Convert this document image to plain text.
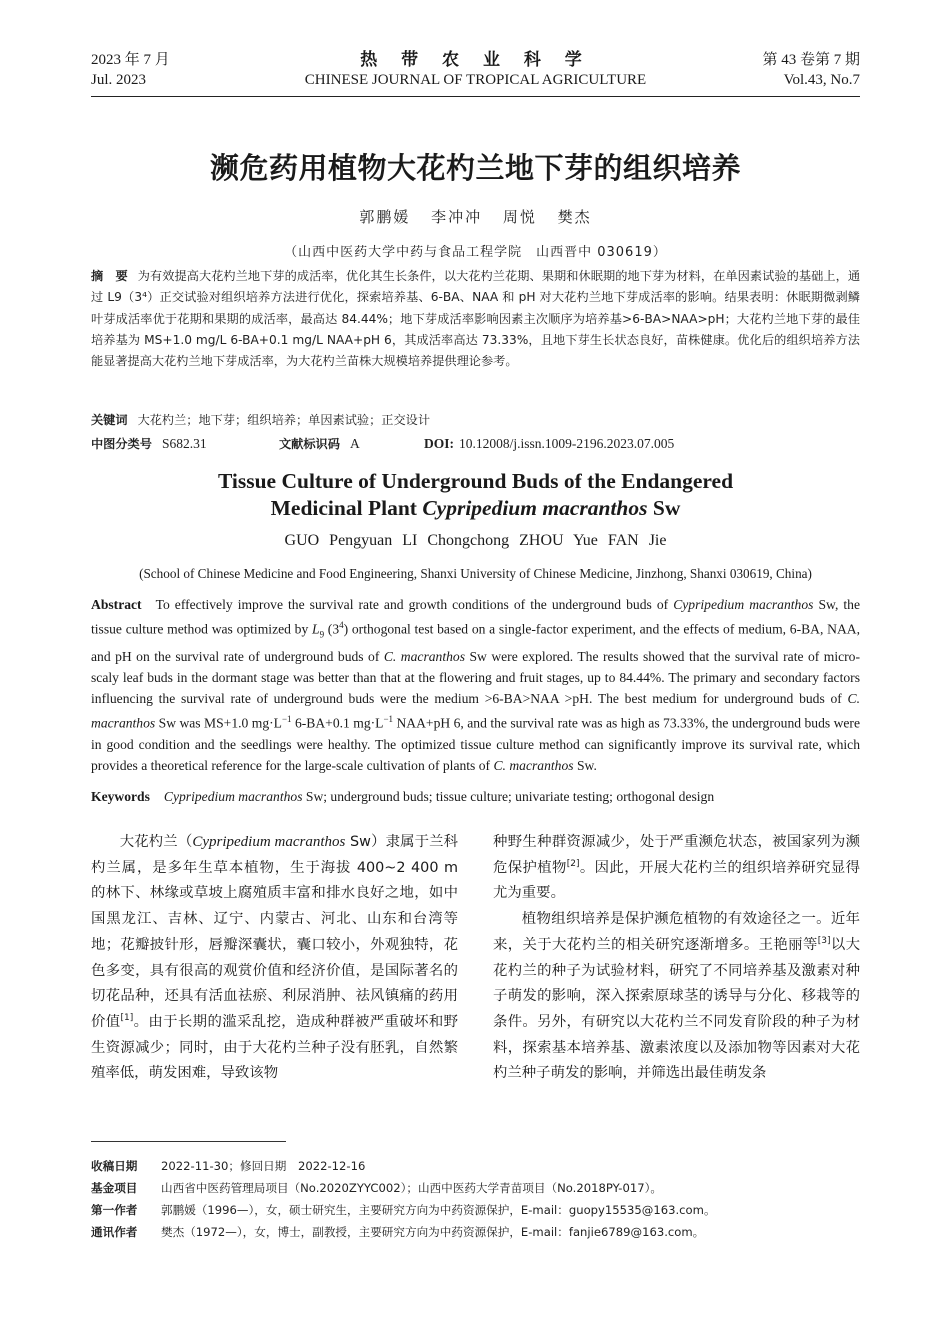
2023 年 7 月
Jul. 2023
热 带 农 业 科 学
CHINESE JOURNAL OF TROPICAL AGRICULTURE
第 43 卷第 7 期
Vol.43, No.7
濒危药用植物大花杓兰地下芽的组织培养
郭鹏媛 李冲冲 周悦 樊杰
（山西中医药大学中药与食品工程学院　山西晋中 030619）
摘　要 为有效提高大花杓兰地下芽的成活率，优化其生长条件，以大花杓兰花期、果期和休眠期的地下芽为材料，在单因素试验的基础上，通过 L9（3⁴）正交试验对组织培养方法进行优化，探索培养基、6-BA、NAA 和 pH 对大花杓兰地下芽成活率的影响。结果表明：休眠期微剥鳞叶芽成活率优于花期和果期的成活率，最高达 84.44%；地下芽成活率影响因素主次顺序为培养基>6-BA>NAA>pH；大花杓兰地下芽的最佳培养基为 MS+1.0 mg/L 6-BA+0.1 mg/L NAA+pH 6，其成活率高达 73.33%，且地下芽生长状态良好，苗株健康。优化后的组织培养方法能显著提高大花杓兰地下芽成活率，为大花杓兰苗株大规模培养提供理论参考。
关键词 大花杓兰；地下芽；组织培养；单因素试验；正交设计
中图分类号 S682.31	文献标识码 A	DOI: 10.12008/j.issn.1009-2196.2023.07.005
Tissue Culture of Underground Buds of the Endangered
Medicinal Plant Cypripedium macranthos Sw
GUO Pengyuan LI Chongchong ZHOU Yue FAN Jie
(School of Chinese Medicine and Food Engineering, Shanxi University of Chinese Medicine, Jinzhong, Shanxi 030619, China)
Abstract To effectively improve the survival rate and growth conditions of the underground buds of Cypripedium macranthos Sw, the tissue culture method was optimized by $L_9$ $(3^4)$ orthogonal test based on a single-factor experiment, and the effects of medium, 6-BA, NAA, and pH on the survival rate of underground buds of C. macranthos Sw were explored. The results showed that the survival rate of micro-scaly leaf buds in the dormant stage was better than that at the flowering and fruit stages, up to 84.44%. The primary and secondary factors influencing the survival rate of underground buds were the medium >6-BA>NAA >pH. The best medium for underground buds of C. macranthos Sw was MS+1.0 $mg\cdot L^{-1}$ 6-BA+0.1 $mg\cdot L^{-1}$ NAA+pH 6, and the survival rate was as high as 73.33%, the underground buds were in good condition and the seedlings were healthy. The optimized tissue culture method can significantly improve its survival rate, which provides a theoretical reference for the large-scale cultivation of plants of C. macranthos Sw.
Keywords Cypripedium macranthos Sw; underground buds; tissue culture; univariate testing; orthogonal design

大花杓兰（Cypripedium macranthos Sw）隶属于兰科杓兰属，是多年生草本植物，生于海拔 400~2 400 m 的林下、林缘或草坡上腐殖质丰富和排水良好之地，如中国黑龙江、吉林、辽宁、内蒙古、河北、山东和台湾等地；花瓣披针形，唇瓣深囊状，囊口较小，外观独特，花色多变，具有很高的观赏价值和经济价值，是国际著名的切花品种，还具有活血祛瘀、利尿消肿、祛风镇痛的药用价值[1]。由于长期的滥采乱挖，造成种群被严重破坏和野生资源减少；同时，由于大花杓兰种子没有胚乳，自然繁殖率低，萌发困难，导致该物

种野生种群资源减少，处于严重濒危状态，被国家列为濒危保护植物[2]。因此，开展大花杓兰的组织培养研究显得尤为重要。

植物组织培养是保护濒危植物的有效途径之一。近年来，关于大花杓兰的相关研究逐渐增多。王艳丽等[3]以大花杓兰的种子为试验材料，研究了不同培养基及激素对种子萌发的影响，深入探索原球茎的诱导与分化、移栽等的条件。另外，有研究以大花杓兰不同发育阶段的种子为材料，探索基本培养基、激素浓度以及添加物等因素对大花杓兰种子萌发的影响，并筛选出最佳萌发条

收稿日期 2022-11-30；修回日期　2022-12-16
基金项目 山西省中医药管理局项目（No.2020ZYYC002）；山西中医药大学青苗项目（No.2018PY-017）。
第一作者 郭鹏媛（1996—），女，硕士研究生，主要研究方向为中药资源保护，E-mail：guopy15535@163.com。
通讯作者 樊杰（1972—），女，博士，副教授，主要研究方向为中药资源保护，E-mail：fanjie6789@163.com。
